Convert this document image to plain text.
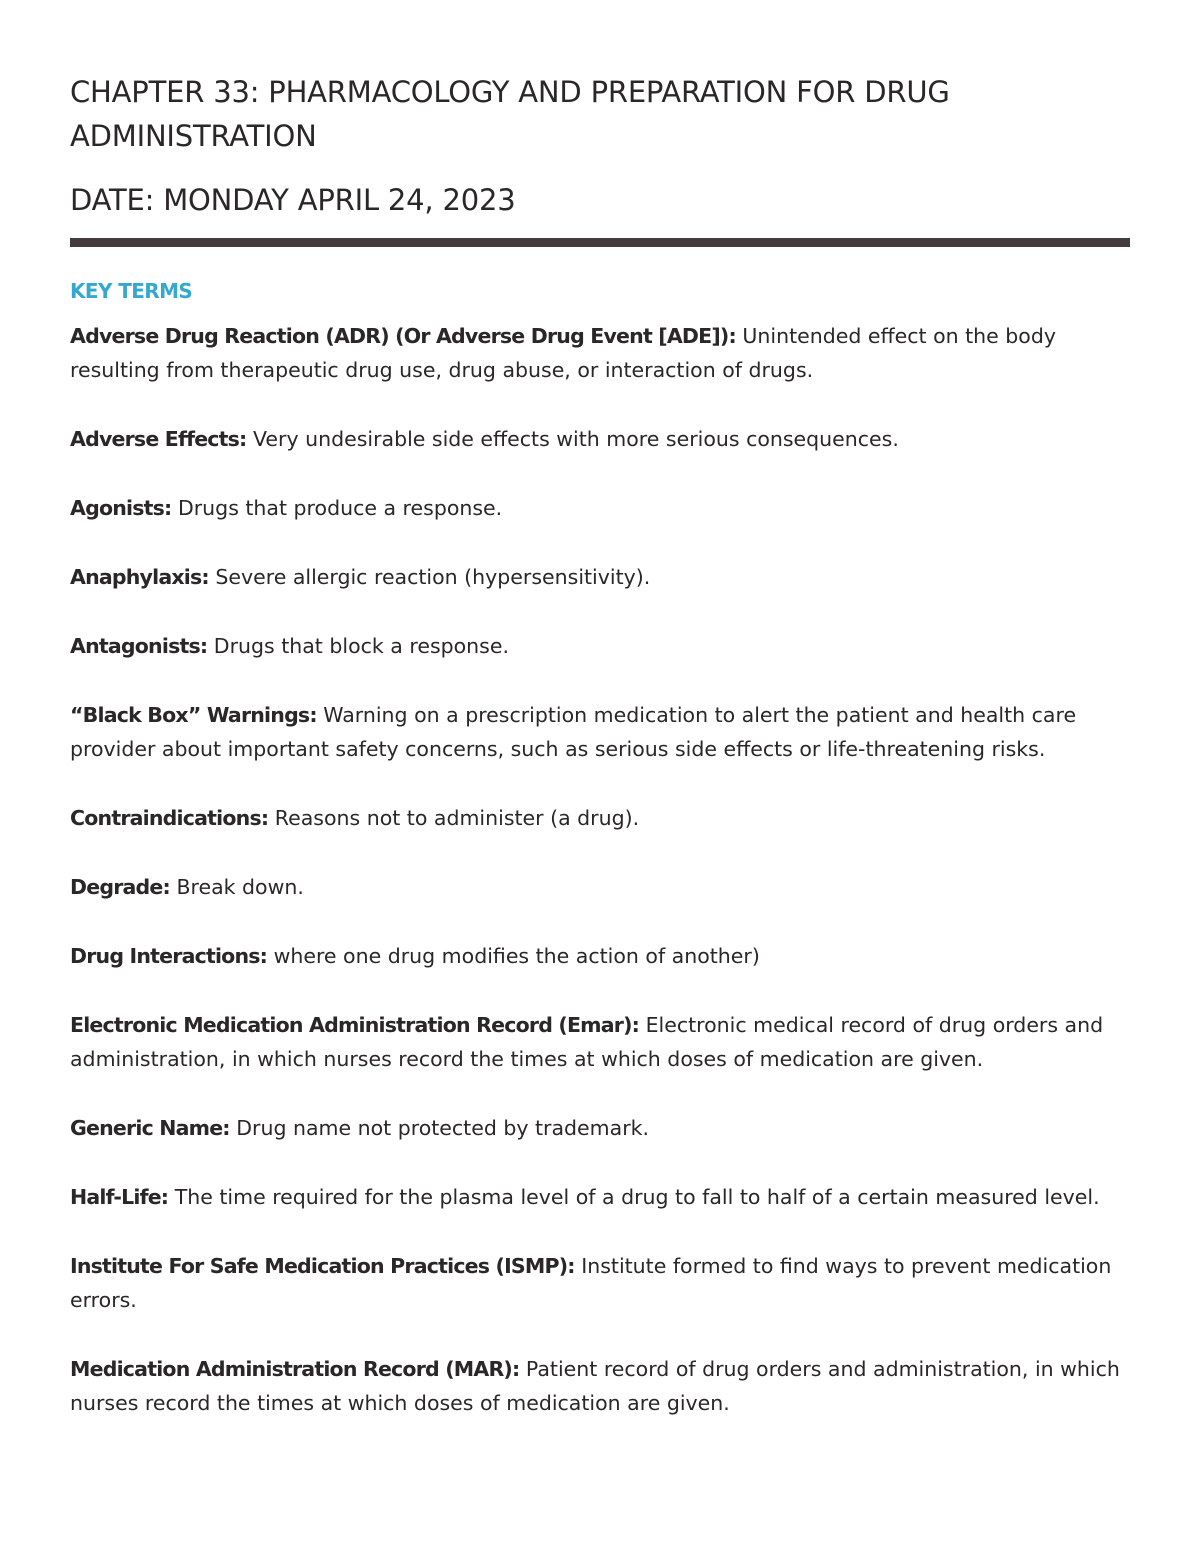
CHAPTER 33: PHARMACOLOGY AND PREPARATION FOR DRUG ADMINISTRATION
DATE: MONDAY APRIL 24, 2023
KEY TERMS

Adverse Drug Reaction (ADR) (Or Adverse Drug Event [ADE]): Unintended effect on the body resulting from therapeutic drug use, drug abuse, or interaction of drugs.

Adverse Effects: Very undesirable side effects with more serious consequences.

Agonists: Drugs that produce a response.

Anaphylaxis: Severe allergic reaction (hypersensitivity).

Antagonists: Drugs that block a response.

“Black Box” Warnings: Warning on a prescription medication to alert the patient and health care provider about important safety concerns, such as serious side effects or life-threatening risks.

Contraindications: Reasons not to administer (a drug).

Degrade: Break down.

Drug Interactions: where one drug modifies the action of another)

Electronic Medication Administration Record (Emar): Electronic medical record of drug orders and administration, in which nurses record the times at which doses of medication are given.

Generic Name: Drug name not protected by trademark.

Half-Life: The time required for the plasma level of a drug to fall to half of a certain measured level.

Institute For Safe Medication Practices (ISMP): Institute formed to find ways to prevent medication errors.

Medication Administration Record (MAR): Patient record of drug orders and administration, in which nurses record the times at which doses of medication are given.
